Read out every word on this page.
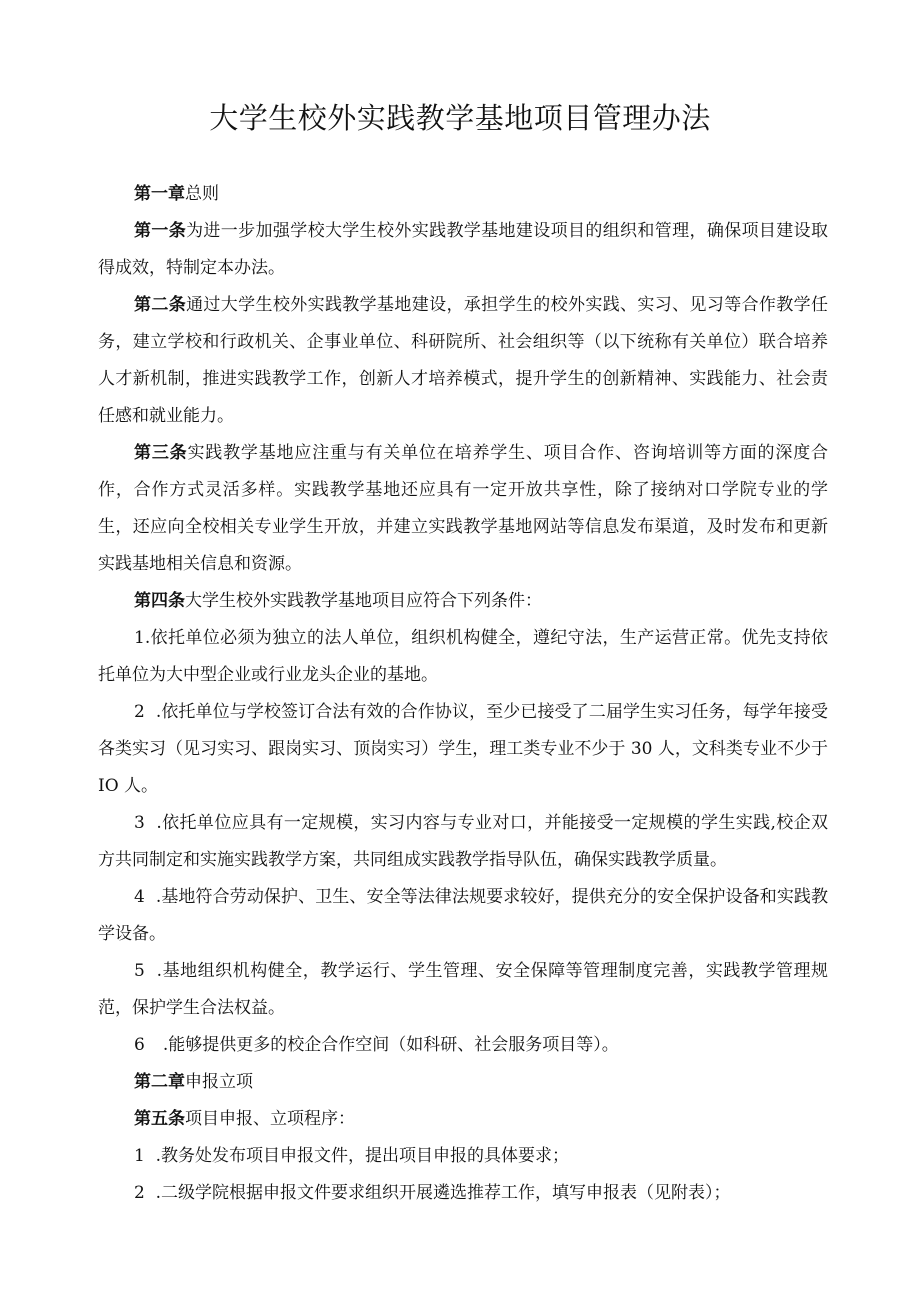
大学生校外实践教学基地项目管理办法

第一章总则

第一条为进一步加强学校大学生校外实践教学基地建设项目的组织和管理，确保项目建设取得成效，特制定本办法。

第二条通过大学生校外实践教学基地建设，承担学生的校外实践、实习、见习等合作教学任务，建立学校和行政机关、企事业单位、科研院所、社会组织等（以下统称有关单位）联合培养人才新机制，推进实践教学工作，创新人才培养模式，提升学生的创新精神、实践能力、社会责任感和就业能力。

第三条实践教学基地应注重与有关单位在培养学生、项目合作、咨询培训等方面的深度合作，合作方式灵活多样。实践教学基地还应具有一定开放共享性，除了接纳对口学院专业的学生，还应向全校相关专业学生开放，并建立实践教学基地网站等信息发布渠道，及时发布和更新实践基地相关信息和资源。

第四条大学生校外实践教学基地项目应符合下列条件：

1.依托单位必须为独立的法人单位，组织机构健全，遵纪守法，生产运营正常。优先支持依托单位为大中型企业或行业龙头企业的基地。

2  .依托单位与学校签订合法有效的合作协议，至少已接受了二届学生实习任务，每学年接受各类实习（见习实习、跟岗实习、顶岗实习）学生，理工类专业不少于 30 人，文科类专业不少于 IO 人。

3  .依托单位应具有一定规模，实习内容与专业对口，并能接受一定规模的学生实践,校企双方共同制定和实施实践教学方案，共同组成实践教学指导队伍，确保实践教学质量。

4  .基地符合劳动保护、卫生、安全等法律法规要求较好，提供充分的安全保护设备和实践教学设备。

5  .基地组织机构健全，教学运行、学生管理、安全保障等管理制度完善，实践教学管理规范，保护学生合法权益。

6 .能够提供更多的校企合作空间（如科研、社会服务项目等）。

第二章申报立项

第五条项目申报、立项程序：

1  .教务处发布项目申报文件，提出项目申报的具体要求；

2  .二级学院根据申报文件要求组织开展遴选推荐工作，填写申报表（见附表）；
